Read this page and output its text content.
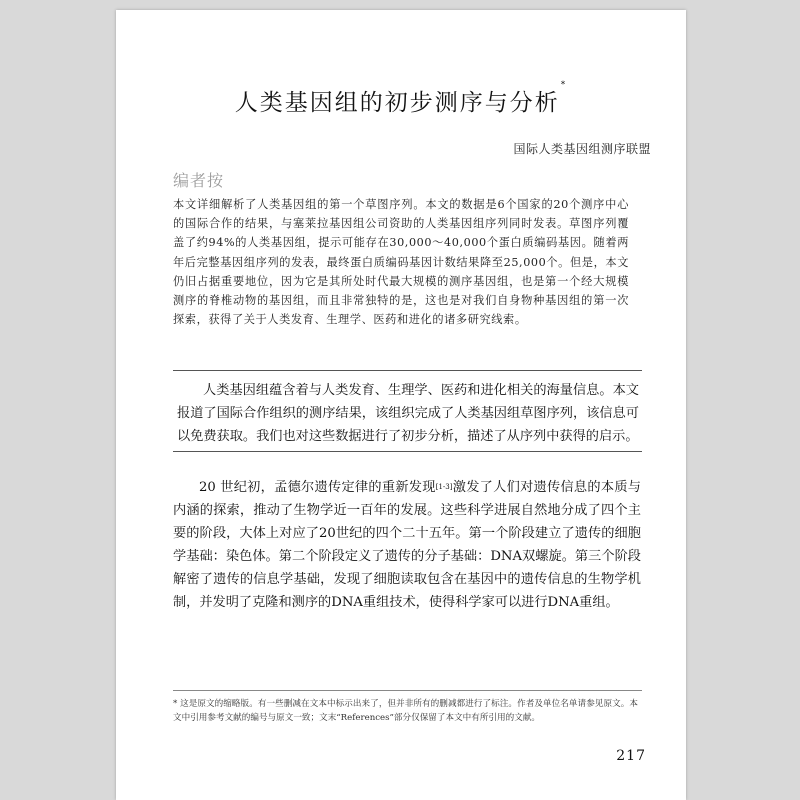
人类基因组的初步测序与分析*
国际人类基因组测序联盟
编者按
本文详细解析了人类基因组的第一个草图序列。本文的数据是6个国家的20个测序中心的国际合作的结果，与塞莱拉基因组公司资助的人类基因组序列同时发表。草图序列覆盖了约94%的人类基因组，提示可能存在30,000～40,000个蛋白质编码基因。随着两年后完整基因组序列的发表，最终蛋白质编码基因计数结果降至25,000个。但是，本文仍旧占据重要地位，因为它是其所处时代最大规模的测序基因组，也是第一个经大规模测序的脊椎动物的基因组，而且非常独特的是，这也是对我们自身物种基因组的第一次探索，获得了关于人类发育、生理学、医药和进化的诸多研究线索。
人类基因组蕴含着与人类发育、生理学、医药和进化相关的海量信息。本文报道了国际合作组织的测序结果，该组织完成了人类基因组草图序列，该信息可以免费获取。我们也对这些数据进行了初步分析，描述了从序列中获得的启示。
20 世纪初，孟德尔遗传定律的重新发现[1-3]激发了人们对遗传信息的本质与内涵的探索，推动了生物学近一百年的发展。这些科学进展自然地分成了四个主要的阶段，大体上对应了20世纪的四个二十五年。第一个阶段建立了遗传的细胞学基础：染色体。第二个阶段定义了遗传的分子基础：DNA双螺旋。第三个阶段解密了遗传的信息学基础，发现了细胞读取包含在基因中的遗传信息的生物学机制，并发明了克隆和测序的DNA重组技术，使得科学家可以进行DNA重组。
* 这是原文的缩略版。有一些删减在文本中标示出来了，但并非所有的删减都进行了标注。作者及单位名单请参见原文。本文中引用参考文献的编号与原文一致；文末“References”部分仅保留了本文中有所引用的文献。
217
